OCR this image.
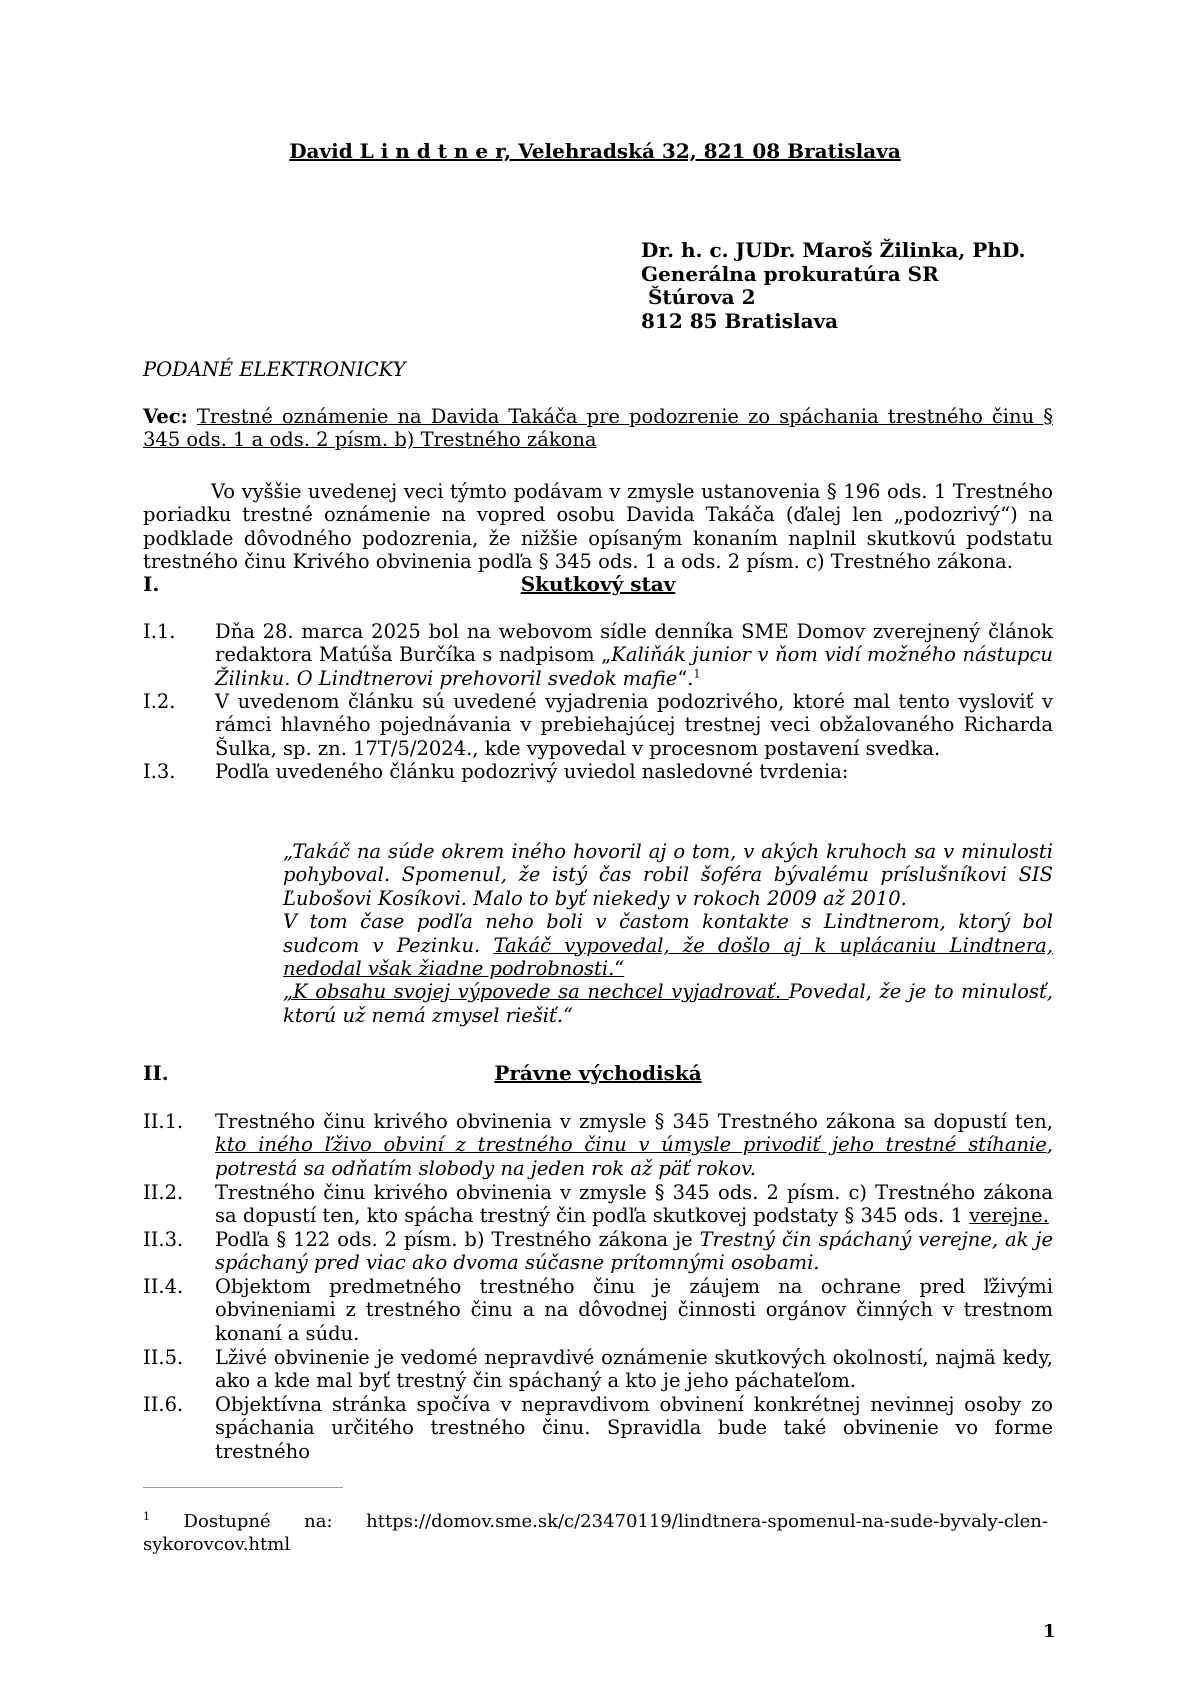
David L i n d t n e r, Velehradská 32, 821 08 Bratislava
Dr. h. c. JUDr. Maroš Žilinka, PhD.
Generálna prokuratúra SR
Štúrova 2
812 85 Bratislava
PODANÉ ELEKTRONICKY
Vec: Trestné oznámenie na Davida Takáča pre podozrenie zo spáchania trestného činu § 345 ods. 1 a ods. 2 písm. b) Trestného zákona
Vo vyššie uvedenej veci týmto podávam v zmysle ustanovenia § 196 ods. 1 Trestného poriadku trestné oznámenie na vopred osobu Davida Takáča (ďalej len „podozrivý“) na podklade dôvodného podozrenia, že nižšie opísaným konaním naplnil skutkovú podstatu trestného činu Krivého obvinenia podľa § 345 ods. 1 a ods. 2 písm. c) Trestného zákona.
I.	Skutkový stav
I.1.	Dňa 28. marca 2025 bol na webovom sídle denníka SME Domov zverejnený článok redaktora Matúša Burčíka s nadpisom „Kaliňák junior v ňom vidí možného nástupcu Žilinku. O Lindtnerovi prehovoril svedok mafie“.$^1$
I.2.	V uvedenom článku sú uvedené vyjadrenia podozrivého, ktoré mal tento vysloviť v rámci hlavného pojednávania v prebiehajúcej trestnej veci obžalovaného Richarda Šulka, sp. zn. 17T/5/2024., kde vypovedal v procesnom postavení svedka.
I.3.	Podľa uvedeného článku podozrivý uviedol nasledovné tvrdenia:
„Takáč na súde okrem iného hovoril aj o tom, v akých kruhoch sa v minulosti pohyboval. Spomenul, že istý čas robil šoféra bývalému príslušníkovi SIS Ľubošovi Kosíkovi. Malo to byť niekedy v rokoch 2009 až 2010.
V tom čase podľa neho boli v častom kontakte s Lindtnerom, ktorý bol sudcom v Pezinku. Takáč vypovedal, že došlo aj k uplácaniu Lindtnera, nedodal však žiadne podrobnosti.“
„K obsahu svojej výpovede sa nechcel vyjadrovať. Povedal, že je to minulosť, ktorú už nemá zmysel riešiť.“
II.	Právne východiská
II.1.	Trestného činu krivého obvinenia v zmysle § 345 Trestného zákona sa dopustí ten, kto iného ľživo obviní z trestného činu v úmysle privodiť jeho trestné stíhanie, potrestá sa odňatím slobody na jeden rok až päť rokov.
II.2.	Trestného činu krivého obvinenia v zmysle § 345 ods. 2 písm. c) Trestného zákona sa dopustí ten, kto spácha trestný čin podľa skutkovej podstaty § 345 ods. 1 verejne.
II.3.	Podľa § 122 ods. 2 písm. b) Trestného zákona je Trestný čin spáchaný verejne, ak je spáchaný pred viac ako dvoma súčasne prítomnými osobami.
II.4.	Objektom predmetného trestného činu je záujem na ochrane pred ľživými obvineniami z trestného činu a na dôvodnej činnosti orgánov činných v trestnom konaní a súdu.
II.5.	Lživé obvinenie je vedomé nepravdivé oznámenie skutkových okolností, najmä kedy, ako a kde mal byť trestný čin spáchaný a kto je jeho páchateľom.
II.6.	Objektívna stránka spočíva v nepravdivom obvinení konkrétnej nevinnej osoby zo spáchania určitého trestného činu. Spravidla bude také obvinenie vo forme trestného
$^1$ Dostupné na: https://domov.sme.sk/c/23470119/lindtnera-spomenul-na-sude-byvaly-clen-sykorovcov.html
1
